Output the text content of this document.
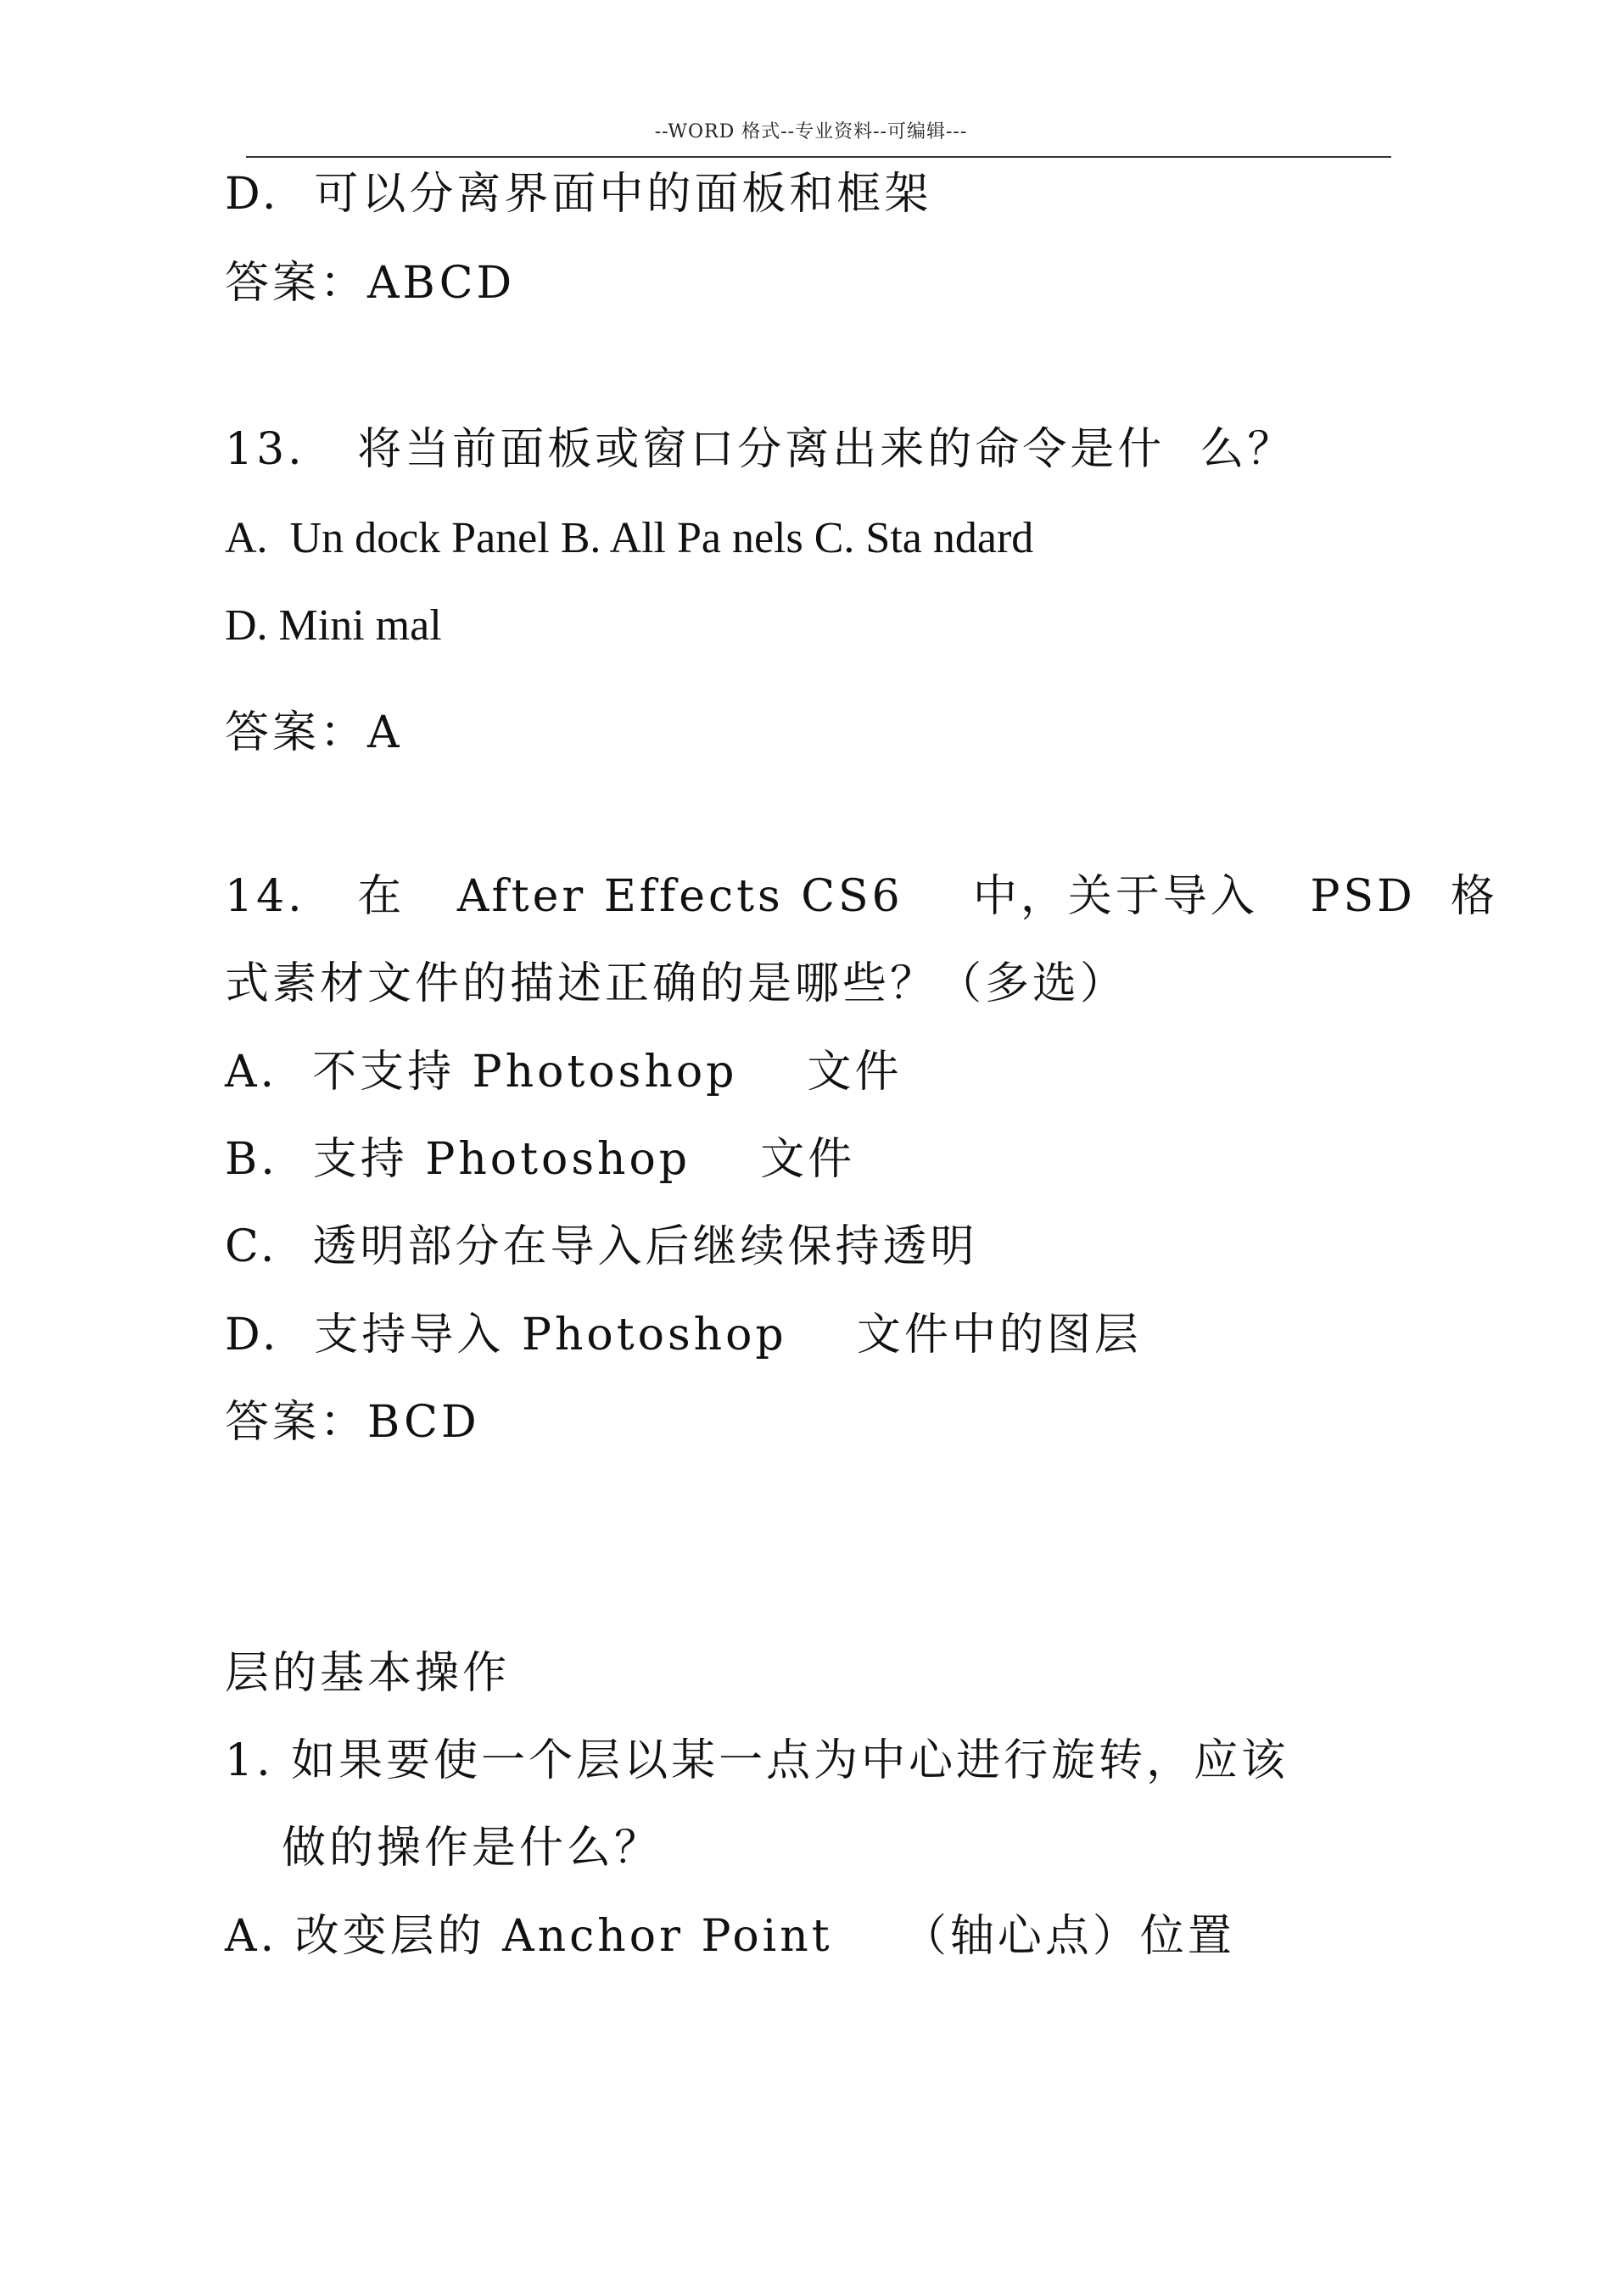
--WORD 格式--专业资料--可编辑---
D.  可以分离界面中的面板和框架
答案：ABCD
13.   将当前面板或窗口分离出来的命令是什  么？
A.  Un dock Panel B. All Pa nels C. Sta ndard
D. Mini mal
答案：A
14.   在   After Effects CS6    中，关于导入   PSD  格
式素材文件的描述正确的是哪些？（多选）
A.  不支持 Photoshop    文件
B.  支持 Photoshop    文件
C.  透明部分在导入后继续保持透明
D.  支持导入 Photoshop    文件中的图层
答案：BCD
层的基本操作
1. 如果要使一个层以某一点为中心进行旋转，应该
做的操作是什么？
A. 改变层的 Anchor Point    （轴心点）位置
